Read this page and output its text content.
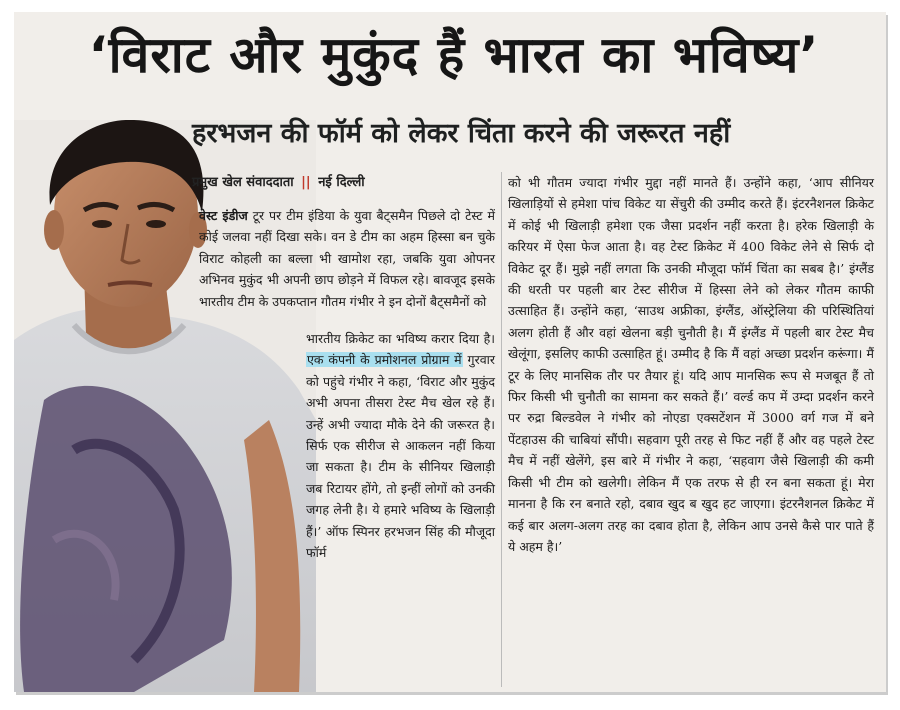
‘विराट और मुकुंद हैं भारत का भविष्य’
हरभजन की फॉर्म को लेकर चिंता करने की जरूरत नहीं
प्रमुख खेल संवाददाता || नई दिल्ली

वेस्ट इंडीज टूर पर टीम इंडिया के युवा बैट्समैन पिछले दो टेस्ट में कोई जलवा नहीं दिखा सके। वन डे टीम का अहम हिस्सा बन चुके विराट कोहली का बल्ला भी खामोश रहा, जबकि युवा ओपनर अभिनव मुकुंद भी अपनी छाप छोड़ने में विफल रहे। बावजूद इसके भारतीय टीम के उपकप्तान गौतम गंभीर ने इन दोनों बैट्समैनों को

भारतीय क्रिकेट का भविष्य करार दिया है। एक कंपनी के प्रमोशनल प्रोग्राम में गुरवार को पहुंचे गंभीर ने कहा, ‘विराट और मुकुंद अभी अपना तीसरा टेस्ट मैच खेल रहे हैं। उन्हें अभी ज्यादा मौके देने की जरूरत है। सिर्फ एक सीरीज से आकलन नहीं किया जा सकता है। टीम के सीनियर खिलाड़ी जब रिटायर होंगे, तो इन्हीं लोगों को उनकी जगह लेनी है। ये हमारे भविष्य के खिलाड़ी हैं।’ ऑफ स्पिनर हरभजन सिंह की मौजूदा फॉर्म

को भी गौतम ज्यादा गंभीर मुद्दा नहीं मानते हैं। उन्होंने कहा, ‘आप सीनियर खिलाड़ियों से हमेशा पांच विकेट या सेंचुरी की उम्मीद करते हैं। इंटरनैशनल क्रिकेट में कोई भी खिलाड़ी हमेशा एक जैसा प्रदर्शन नहीं करता है। हरेक खिलाड़ी के करियर में ऐसा फेज आता है। वह टेस्ट क्रिकेट में 400 विकेट लेने से सिर्फ दो विकेट दूर हैं। मुझे नहीं लगता कि उनकी मौजूदा फॉर्म चिंता का सबब है।’ इंग्लैंड की धरती पर पहली बार टेस्ट सीरीज में हिस्सा लेने को लेकर गौतम काफी उत्साहित हैं। उन्होंने कहा, ‘साउथ अफ्रीका, इंग्लैंड, ऑस्ट्रेलिया की परिस्थितियां अलग होती हैं और वहां खेलना बड़ी चुनौती है। मैं इंग्लैंड में पहली बार टेस्ट मैच खेलूंगा, इसलिए काफी उत्साहित हूं। उम्मीद है कि मैं वहां अच्छा प्रदर्शन करूंगा। मैं टूर के लिए मानसिक तौर पर तैयार हूं। यदि आप मानसिक रूप से मजबूत हैं तो फिर किसी भी चुनौती का सामना कर सकते हैं।’ वर्ल्ड कप में उम्दा प्रदर्शन करने पर रुद्रा बिल्डवेल ने गंभीर को नोएडा एक्सटेंशन में 3000 वर्ग गज में बने पेंटहाउस की चाबियां सौंपी। सहवाग पूरी तरह से फिट नहीं हैं और वह पहले टेस्ट मैच में नहीं खेलेंगे, इस बारे में गंभीर ने कहा, ‘सहवाग जैसे खिलाड़ी की कमी किसी भी टीम को खलेगी। लेकिन मैं एक तरफ से ही रन बना सकता हूं। मेरा मानना है कि रन बनाते रहो, दबाव खुद ब खुद हट जाएगा। इंटरनैशनल क्रिकेट में कई बार अलग-अलग तरह का दबाव होता है, लेकिन आप उनसे कैसे पार पाते हैं ये अहम है।’
